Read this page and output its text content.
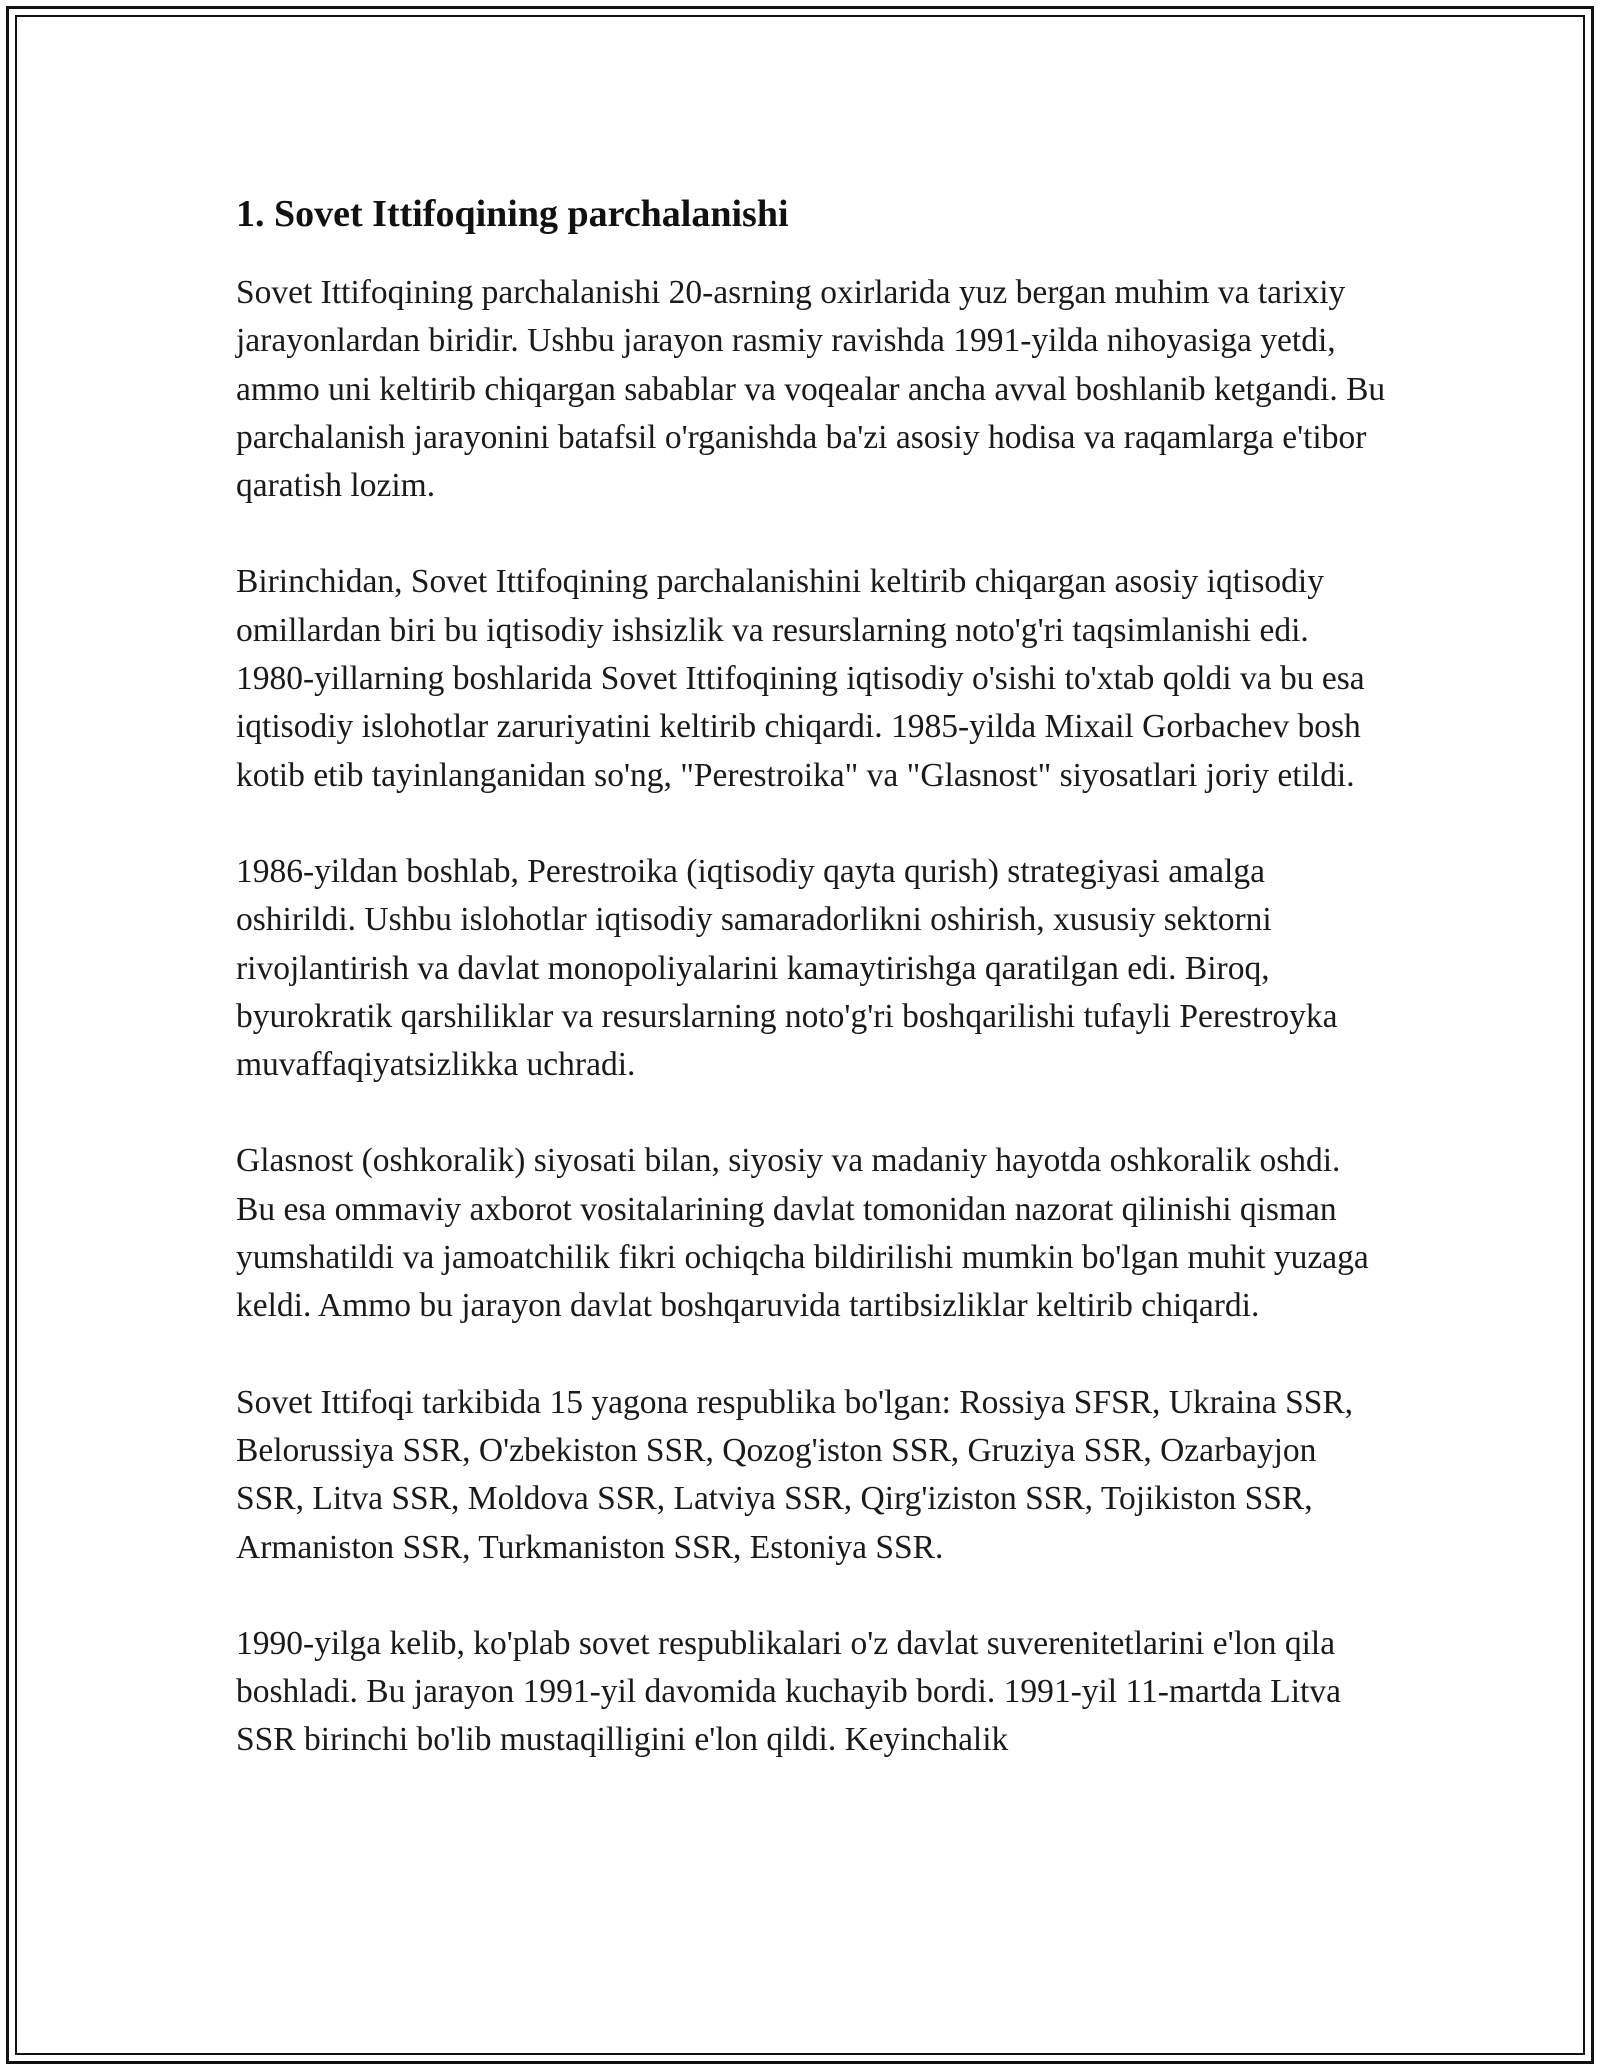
1. Sovet Ittifoqining parchalanishi

Sovet Ittifoqining parchalanishi 20-asrning oxirlarida yuz bergan muhim va tarixiy jarayonlardan biridir. Ushbu jarayon rasmiy ravishda 1991-yilda nihoyasiga yetdi, ammo uni keltirib chiqargan sabablar va voqealar ancha avval boshlanib ketgandi. Bu parchalanish jarayonini batafsil o'rganishda ba'zi asosiy hodisa va raqamlarga e'tibor qaratish lozim.

Birinchidan, Sovet Ittifoqining parchalanishini keltirib chiqargan asosiy iqtisodiy omillardan biri bu iqtisodiy ishsizlik va resurslarning noto'g'ri taqsimlanishi edi. 1980-yillarning boshlarida Sovet Ittifoqining iqtisodiy o'sishi to'xtab qoldi va bu esa iqtisodiy islohotlar zaruriyatini keltirib chiqardi. 1985-yilda Mixail Gorbachev bosh kotib etib tayinlanganidan so'ng, "Perestroika" va "Glasnost" siyosatlari joriy etildi.

1986-yildan boshlab, Perestroika (iqtisodiy qayta qurish) strategiyasi amalga oshirildi. Ushbu islohotlar iqtisodiy samaradorlikni oshirish, xususiy sektorni rivojlantirish va davlat monopoliyalarini kamaytirishga qaratilgan edi. Biroq, byurokratik qarshiliklar va resurslarning noto'g'ri boshqarilishi tufayli Perestroyka muvaffaqiyatsizlikka uchradi.

Glasnost (oshkoralik) siyosati bilan, siyosiy va madaniy hayotda oshkoralik oshdi. Bu esa ommaviy axborot vositalarining davlat tomonidan nazorat qilinishi qisman yumshatildi va jamoatchilik fikri ochiqcha bildirilishi mumkin bo'lgan muhit yuzaga keldi. Ammo bu jarayon davlat boshqaruvida tartibsizliklar keltirib chiqardi.

Sovet Ittifoqi tarkibida 15 yagona respublika bo'lgan: Rossiya SFSR, Ukraina SSR, Belorussiya SSR, O'zbekiston SSR, Qozog'iston SSR, Gruziya SSR, Ozarbayjon SSR, Litva SSR, Moldova SSR, Latviya SSR, Qirg'iziston SSR, Tojikiston SSR, Armaniston SSR, Turkmaniston SSR, Estoniya SSR.

1990-yilga kelib, ko'plab sovet respublikalari o'z davlat suverenitetlarini e'lon qila boshladi. Bu jarayon 1991-yil davomida kuchayib bordi. 1991-yil 11-martda Litva SSR birinchi bo'lib mustaqilligini e'lon qildi. Keyinchalik
